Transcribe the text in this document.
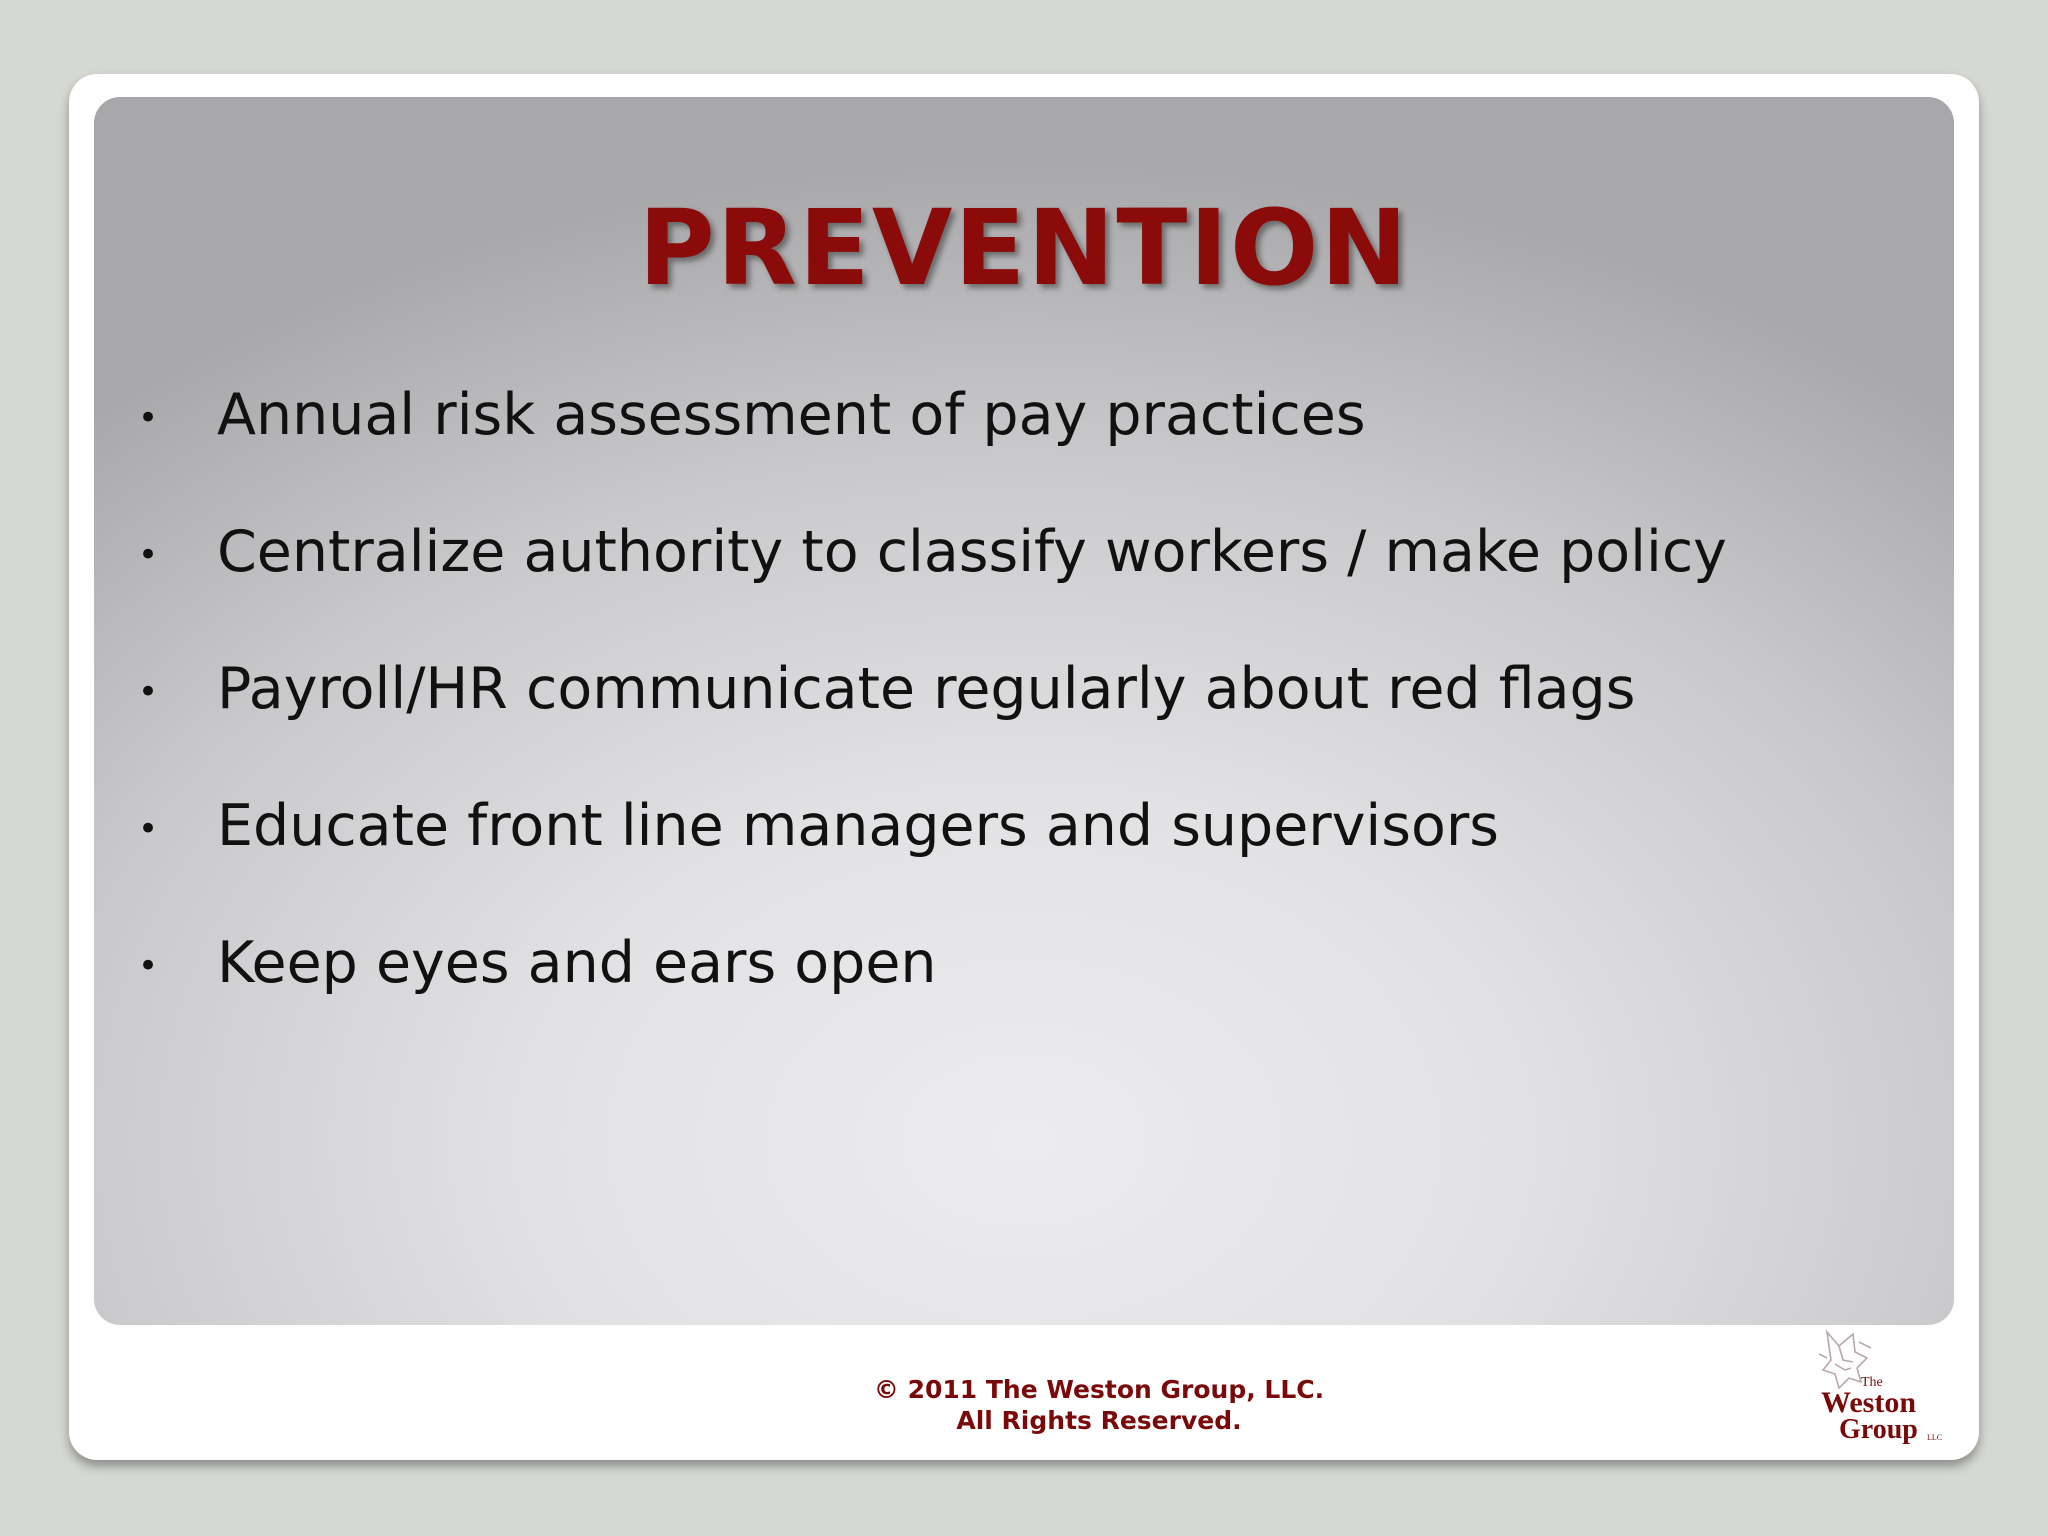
PREVENTION
• Annual risk assessment of pay practices
• Centralize authority to classify workers / make policy
• Payroll/HR communicate regularly about red flags
• Educate front line managers and supervisors
• Keep eyes and ears open
© 2011 The Weston Group, LLC.
All Rights Reserved.
The
Weston
Group LLC
